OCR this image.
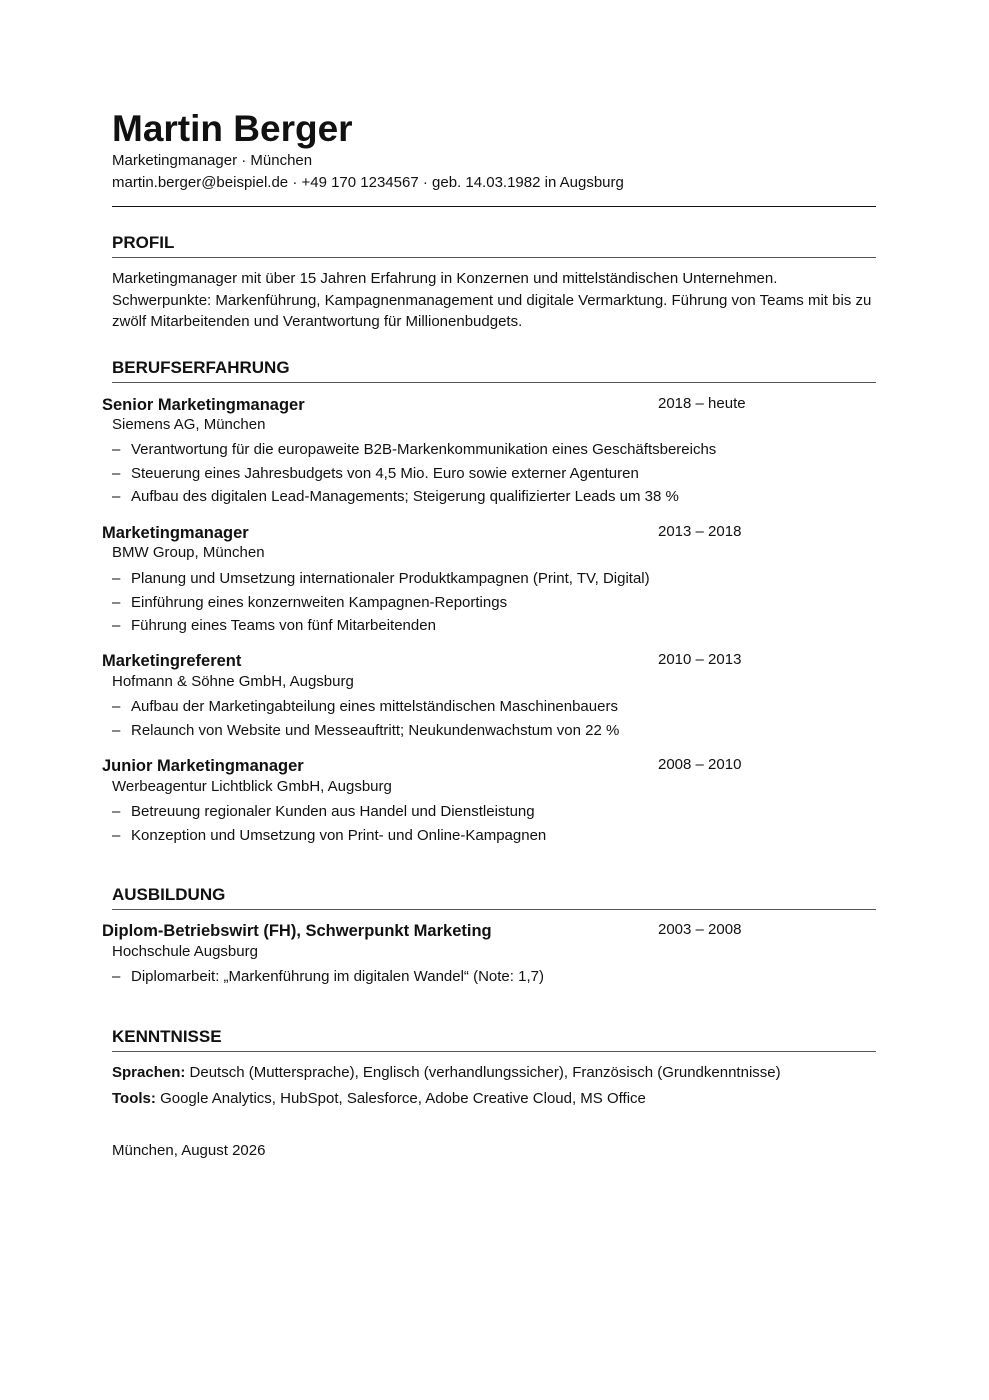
Martin Berger
Marketingmanager · München
martin.berger@beispiel.de · +49 170 1234567 · geb. 14.03.1982 in Augsburg
PROFIL

Marketingmanager mit über 15 Jahren Erfahrung in Konzernen und mittelständischen Unternehmen. Schwerpunkte: Markenführung, Kampagnenmanagement und digitale Vermarktung. Führung von Teams mit bis zu zwölf Mitarbeitenden und Verantwortung für Millionenbudgets.

BERUFSERFAHRUNG
Senior Marketingmanager	2018 – heute
Siemens AG, München
– Verantwortung für die europaweite B2B-Markenkommunikation eines Geschäftsbereichs
– Steuerung eines Jahresbudgets von 4,5 Mio. Euro sowie externer Agenturen
– Aufbau des digitalen Lead-Managements; Steigerung qualifizierter Leads um 38 %
Marketingmanager	2013 – 2018
BMW Group, München
– Planung und Umsetzung internationaler Produktkampagnen (Print, TV, Digital)
– Einführung eines konzernweiten Kampagnen-Reportings
– Führung eines Teams von fünf Mitarbeitenden
Marketingreferent	2010 – 2013
Hofmann & Söhne GmbH, Augsburg
– Aufbau der Marketingabteilung eines mittelständischen Maschinenbauers
– Relaunch von Website und Messeauftritt; Neukundenwachstum von 22 %
Junior Marketingmanager	2008 – 2010
Werbeagentur Lichtblick GmbH, Augsburg
– Betreuung regionaler Kunden aus Handel und Dienstleistung
– Konzeption und Umsetzung von Print- und Online-Kampagnen
AUSBILDUNG
Diplom-Betriebswirt (FH), Schwerpunkt Marketing	2003 – 2008
Hochschule Augsburg
– Diplomarbeit: „Markenführung im digitalen Wandel“ (Note: 1,7)
KENNTNISSE
Sprachen: Deutsch (Muttersprache), Englisch (verhandlungssicher), Französisch (Grundkenntnisse)
Tools: Google Analytics, HubSpot, Salesforce, Adobe Creative Cloud, MS Office
München, August 2026
